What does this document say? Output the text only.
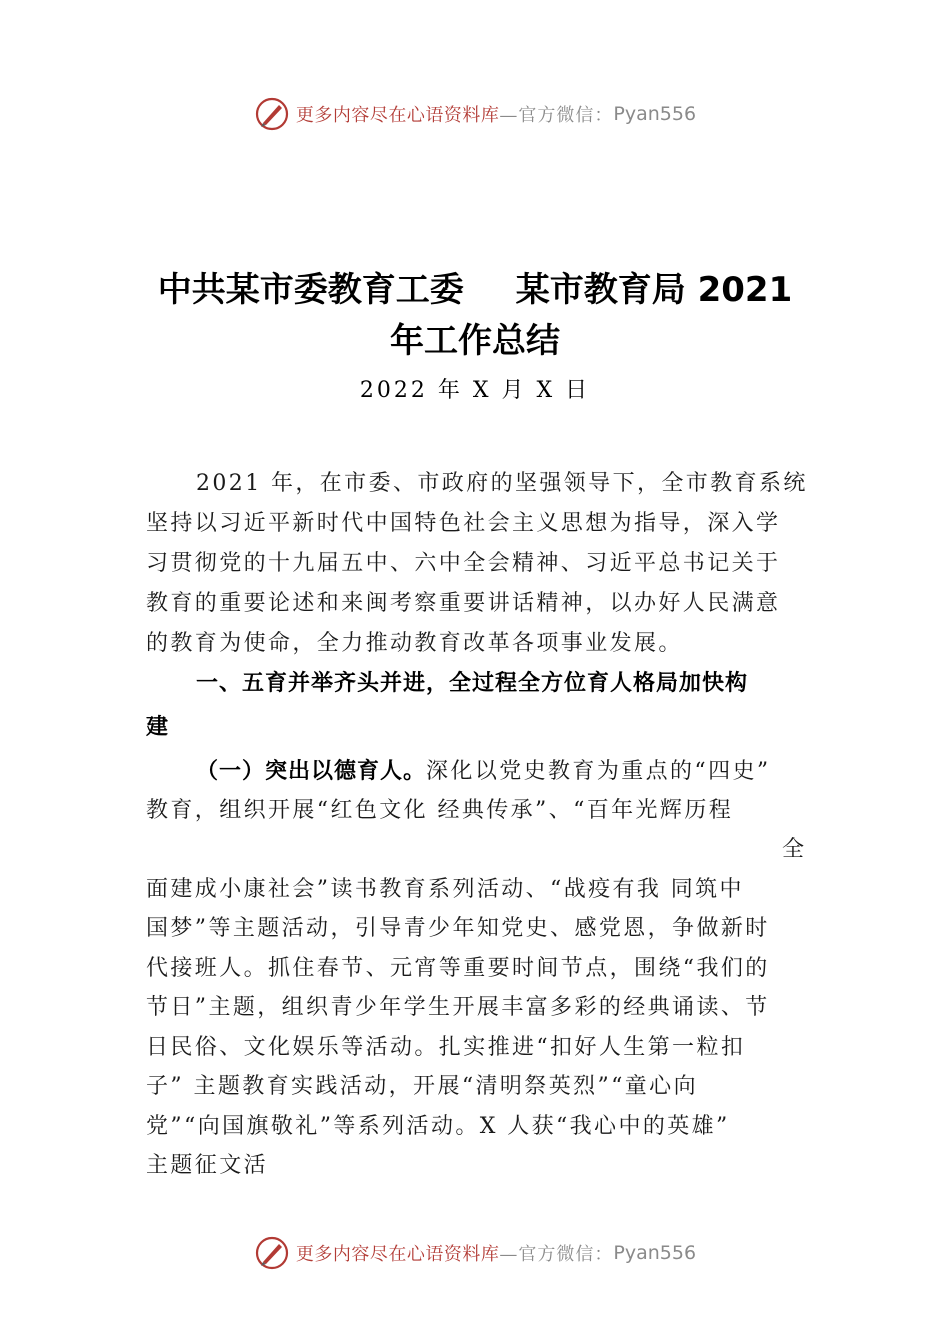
更多内容尽在心语资料库 —官方微信： Pyan556
中共某市委教育工委 某市教育局 2021
年工作总结
2022 年 X 月 X 日
2021 年，在市委、市政府的坚强领导下，全市教育系统
坚持以习近平新时代中国特色社会主义思想为指导，深入学
习贯彻党的十九届五中、六中全会精神、习近平总书记关于
教育的重要论述和来闽考察重要讲话精神，以办好人民满意
的教育为使命，全力推动教育改革各项事业发展。
一、五育并举齐头并进，全过程全方位育人格局加快构
建
（一）突出以德育人。深化以党史教育为重点的“四史”
教育，组织开展“红色文化 经典传承”、“百年光辉历程
全
面建成小康社会”读书教育系列活动、“战疫有我 同筑中
国梦”等主题活动，引导青少年知党史、感党恩，争做新时
代接班人。抓住春节、元宵等重要时间节点，围绕“我们的
节日”主题，组织青少年学生开展丰富多彩的经典诵读、节
日民俗、文化娱乐等活动。扎实推进“扣好人生第一粒扣
子” 主题教育实践活动，开展“清明祭英烈”“童心向
党”“向国旗敬礼”等系列活动。X 人获“我心中的英雄”
主题征文活
更多内容尽在心语资料库 —官方微信： Pyan556
